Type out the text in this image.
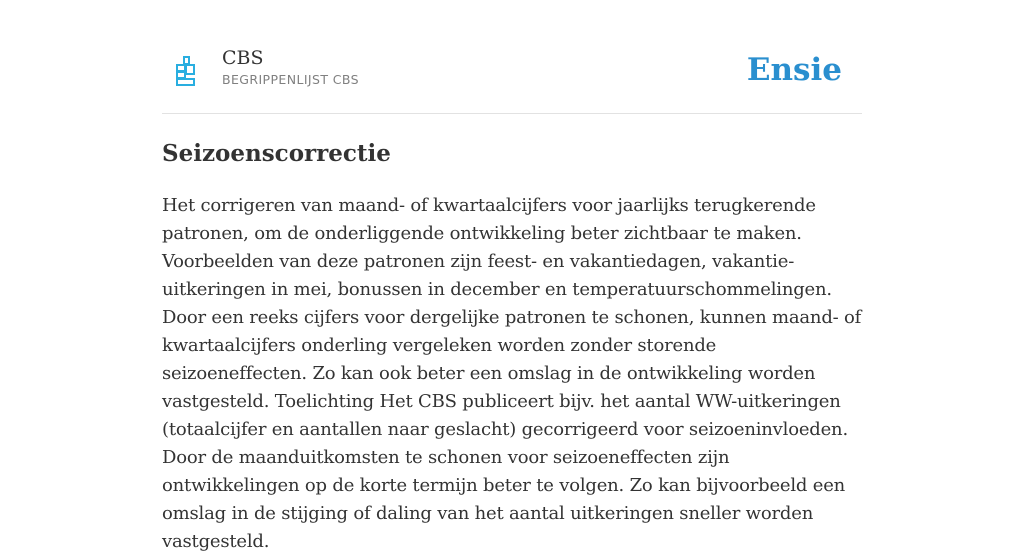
CBS
BEGRIPPENLIJST CBS	Ensie
Seizoenscorrectie

Het corrigeren van maand- of kwartaalcijfers voor jaarlijks terugkerende patronen, om de onderliggende ontwikkeling beter zichtbaar te maken. Voorbeelden van deze patronen zijn feest- en vakantiedagen, vakantie-uitkeringen in mei, bonussen in december en temperatuurschommelingen. Door een reeks cijfers voor dergelijke patronen te schonen, kunnen maand- of kwartaalcijfers onderling vergeleken worden zonder storende seizoeneffecten. Zo kan ook beter een omslag in de ontwikkeling worden vastgesteld. Toelichting Het CBS publiceert bijv. het aantal WW-uitkeringen (totaalcijfer en aantallen naar geslacht) gecorrigeerd voor seizoeninvloeden. Door de maanduitkomsten te schonen voor seizoeneffecten zijn ontwikkelingen op de korte termijn beter te volgen. Zo kan bijvoorbeeld een omslag in de stijging of daling van het aantal uitkeringen sneller worden vastgesteld.
